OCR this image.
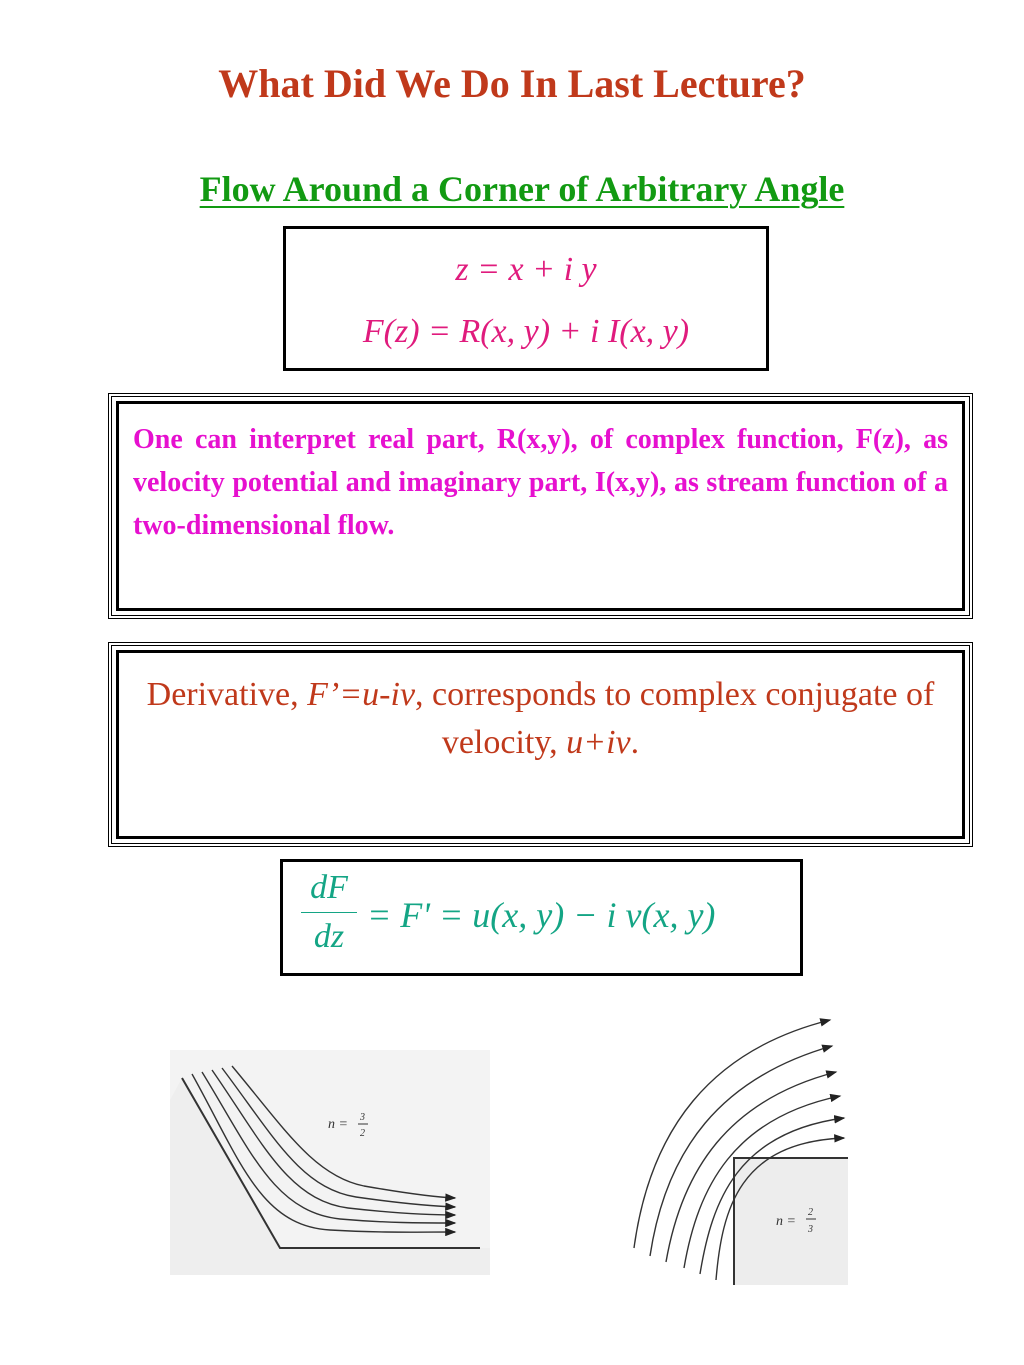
What Did We Do In Last Lecture?
Flow Around a Corner of Arbitrary Angle
z = x + i y
F(z) = R(x, y) + i I(x, y)

One can interpret real part, R(x,y), of complex function, F(z), as velocity potential and imaginary part, I(x,y), as stream function of a two-dimensional flow.

Derivative, F’=u-iv, corresponds to complex conjugate of velocity, u+iv.

dF
dz
= F' = u(x, y) − i v(x, y)
n = 3
2
n =
2
3
